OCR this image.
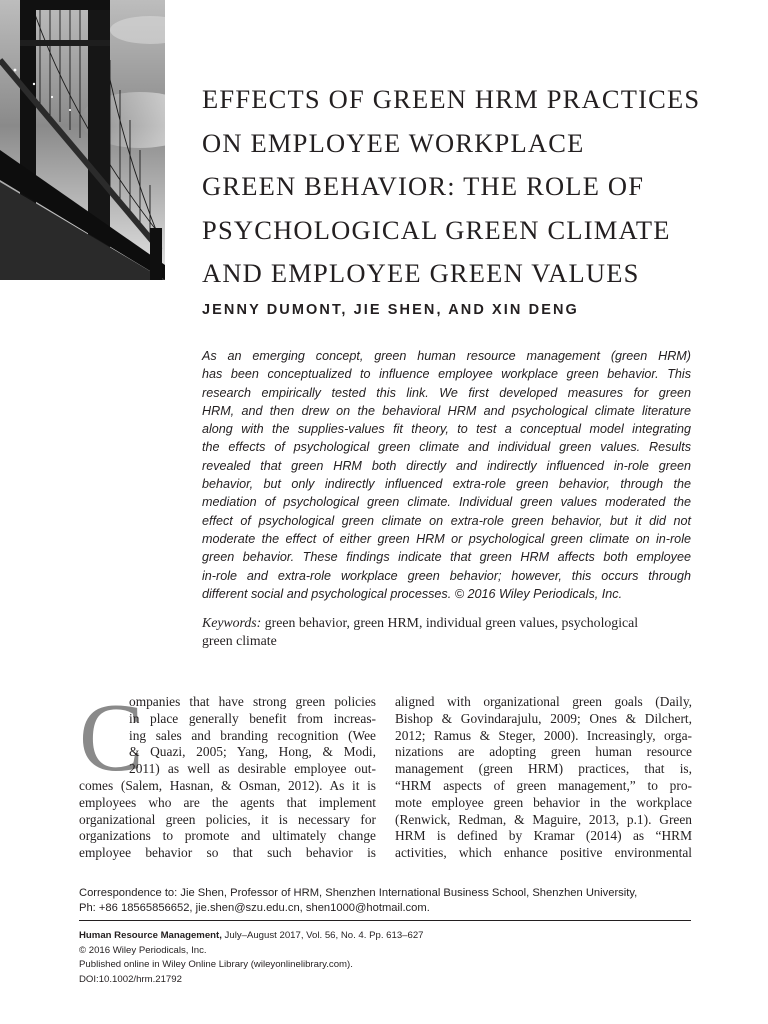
EFFECTS OF GREEN HRM PRACTICES
ON EMPLOYEE WORKPLACE
GREEN BEHAVIOR: THE ROLE OF
PSYCHOLOGICAL GREEN CLIMATE
AND EMPLOYEE GREEN VALUES

JENNY DUMONT, JIE SHEN, AND XIN DENG

As an emerging concept, green human resource management (green HRM)
has been conceptualized to influence employee workplace green behavior. This
research empirically tested this link. We first developed measures for green
HRM, and then drew on the behavioral HRM and psychological climate literature
along with the supplies-values fit theory, to test a conceptual model integrating
the effects of psychological green climate and individual green values. Results
revealed that green HRM both directly and indirectly influenced in-role green
behavior, but only indirectly influenced extra-role green behavior, through the
mediation of psychological green climate. Individual green values moderated the
effect of psychological green climate on extra-role green behavior, but it did not
moderate the effect of either green HRM or psychological green climate on in-role
green behavior. These findings indicate that green HRM affects both employee
in-role and extra-role workplace green behavior; however, this occurs through
different social and psychological processes. © 2016 Wiley Periodicals, Inc.
Keywords: green behavior, green HRM, individual green values, psychological
green climate
C
ompanies that have strong green policies
in place generally benefit from increas-
ing sales and branding recognition (Wee
& Quazi, 2005; Yang, Hong, & Modi,
2011) as well as desirable employee out-
comes (Salem, Hasnan, & Osman, 2012). As it is
employees who are the agents that implement
organizational green policies, it is necessary for
organizations to promote and ultimately change
employee behavior so that such behavior is
aligned with organizational green goals (Daily,
Bishop & Govindarajulu, 2009; Ones & Dilchert,
2012; Ramus & Steger, 2000). Increasingly, orga-
nizations are adopting green human resource
management (green HRM) practices, that is,
“HRM aspects of green management,” to pro-
mote employee green behavior in the workplace
(Renwick, Redman, & Maguire, 2013, p.1). Green
HRM is defined by Kramar (2014) as “HRM
activities, which enhance positive environmental
Correspondence to: Jie Shen, Professor of HRM, Shenzhen International Business School, Shenzhen University,
Ph: +86 18565856652, jie.shen@szu.edu.cn, shen1000@hotmail.com.
Human Resource Management, July–August 2017, Vol. 56, No. 4. Pp. 613–627
© 2016 Wiley Periodicals, Inc.
Published online in Wiley Online Library (wileyonlinelibrary.com).
DOI:10.1002/hrm.21792
